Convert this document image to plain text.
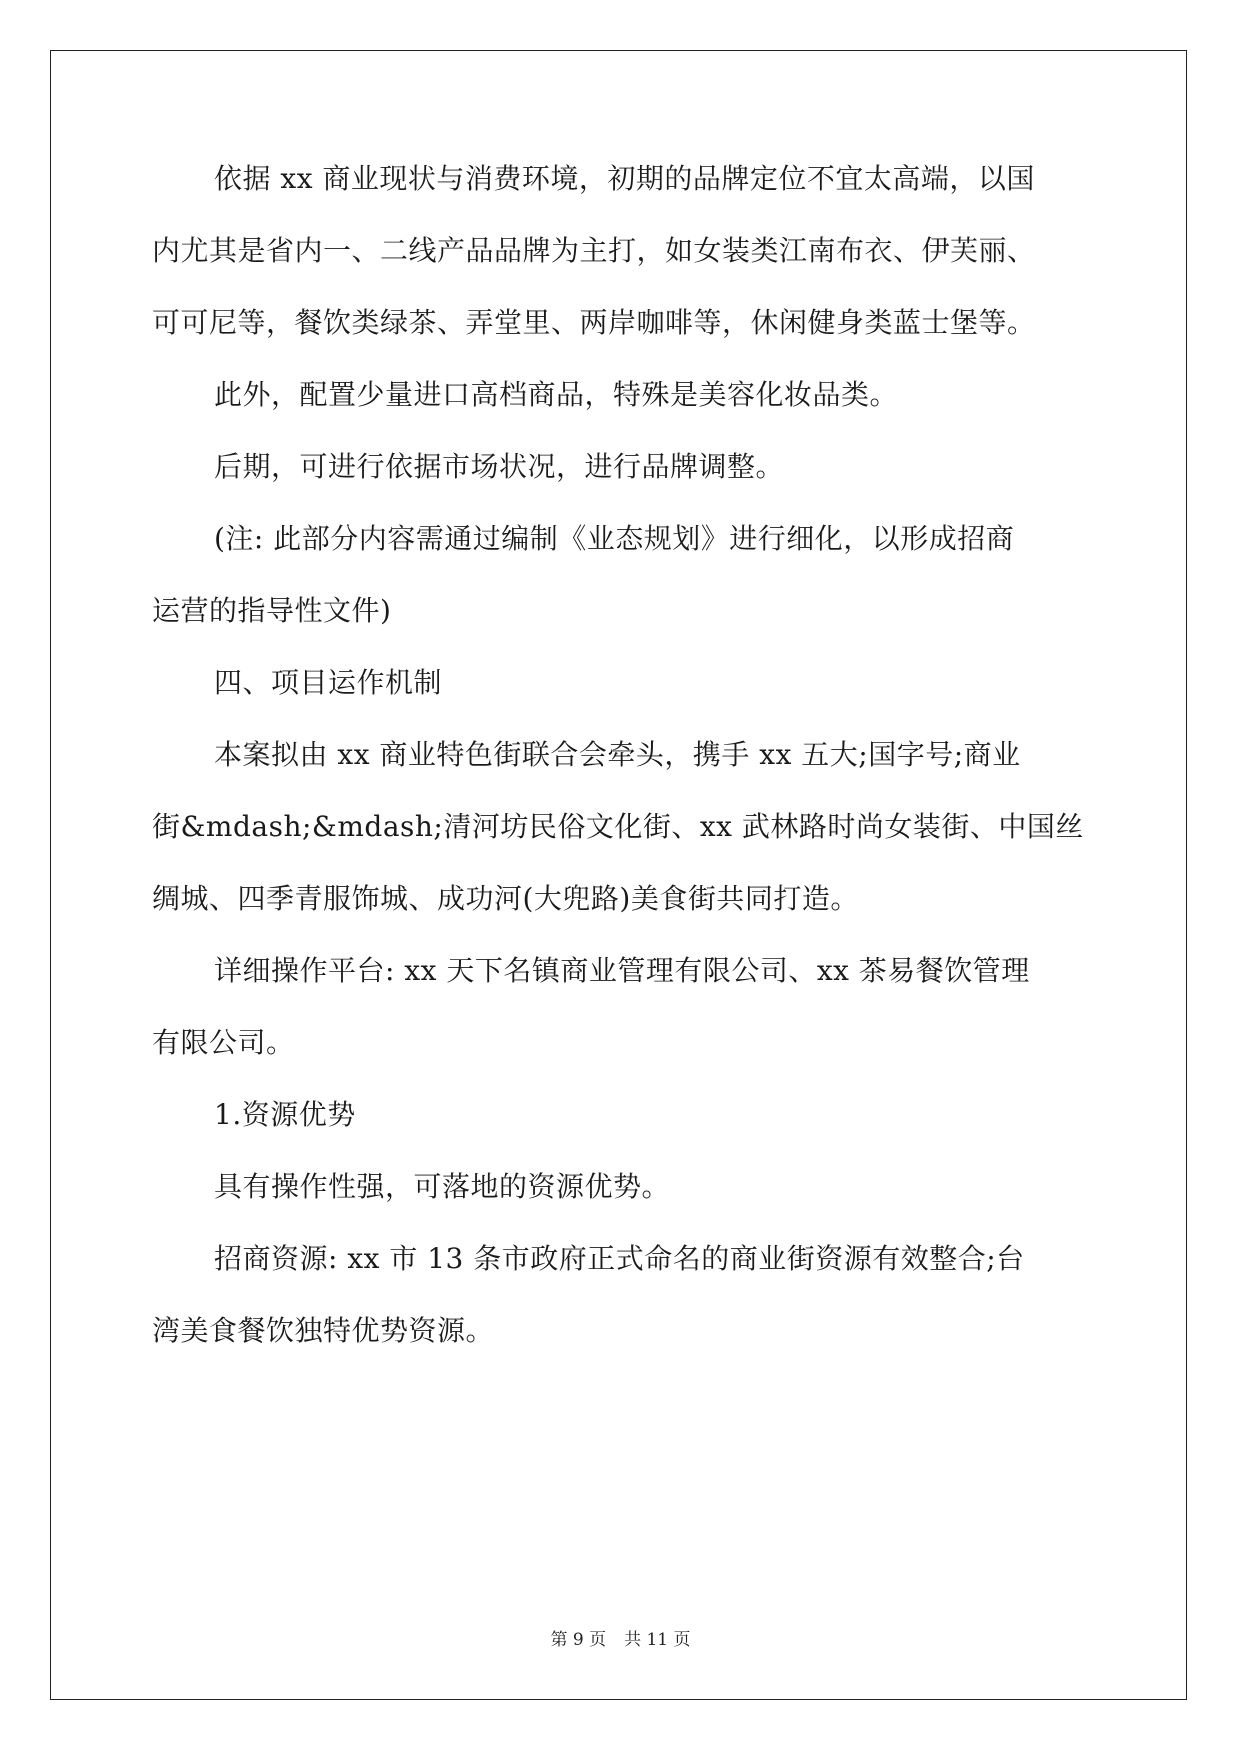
依据 xx 商业现状与消费环境，初期的品牌定位不宜太高端，以国
内尤其是省内一、二线产品品牌为主打，如女装类江南布衣、伊芙丽、
可可尼等，餐饮类绿茶、弄堂里、两岸咖啡等，休闲健身类蓝士堡等。
此外，配置少量进口高档商品，特殊是美容化妆品类。
后期，可进行依据市场状况，进行品牌调整。
(注: 此部分内容需通过编制《业态规划》进行细化，以形成招商
运营的指导性文件)
四、项目运作机制
本案拟由 xx 商业特色街联合会牵头，携手 xx 五大;国字号;商业
街&mdash;&mdash;清河坊民俗文化街、xx 武林路时尚女装街、中国丝
绸城、四季青服饰城、成功河(大兜路)美食街共同打造。
详细操作平台: xx 天下名镇商业管理有限公司、xx 茶易餐饮管理
有限公司。
1.资源优势
具有操作性强，可落地的资源优势。
招商资源: xx 市 13 条市政府正式命名的商业街资源有效整合;台
湾美食餐饮独特优势资源。
第 9 页 共 11 页
